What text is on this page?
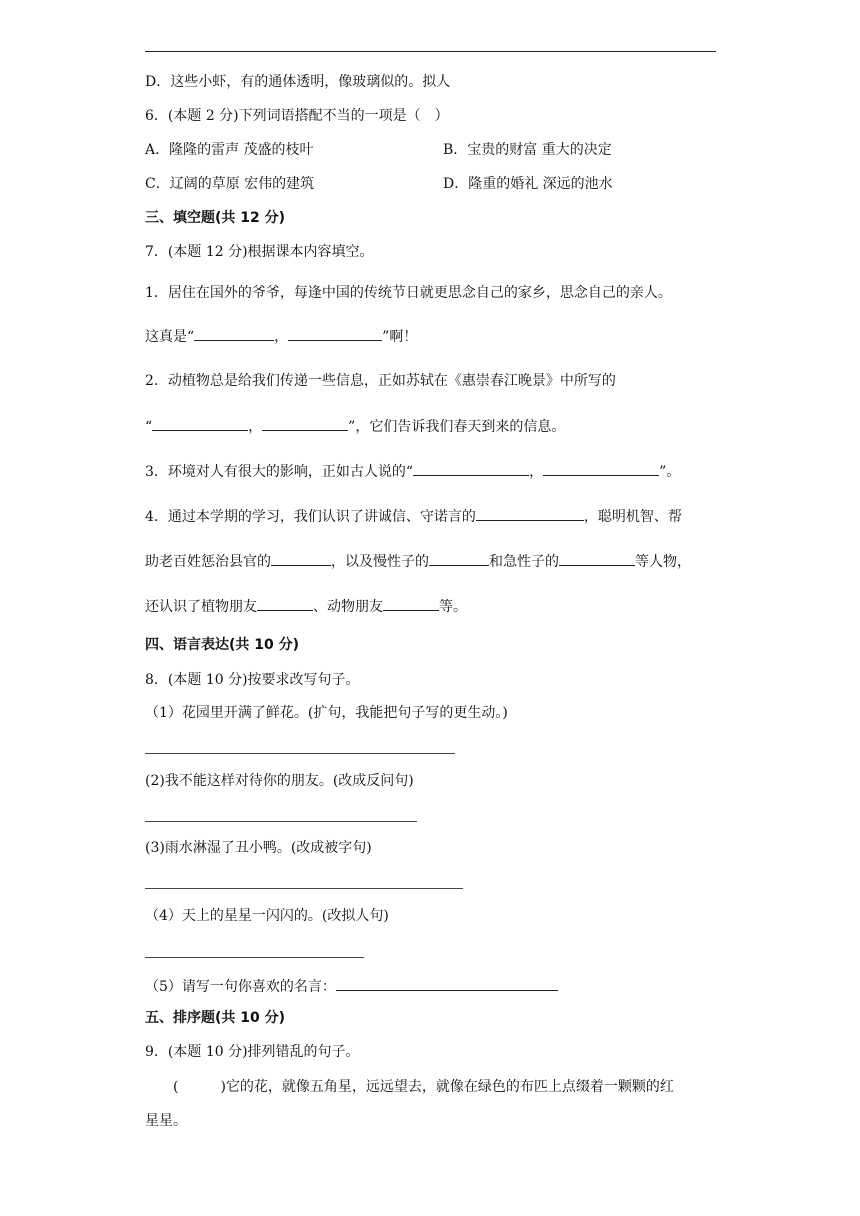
D．这些小虾，有的通体透明，像玻璃似的。拟人
6．(本题 2 分)下列词语搭配不当的一项是（　）
A．隆隆的雷声 茂盛的枝叶	B．宝贵的财富 重大的决定
C．辽阔的草原 宏伟的建筑	D．隆重的婚礼 深远的池水
三、填空题(共 12 分)
7．(本题 12 分)根据课本内容填空。
1．居住在国外的爷爷，每逢中国的传统节日就更思念自己的家乡，思念自己的亲人。
这真是“	，	”啊！
2．动植物总是给我们传递一些信息，正如苏轼在《惠崇春江晚景》中所写的
“	，	”，它们告诉我们春天到来的信息。
3．环境对人有很大的影响，正如古人说的“	，	”。
4．通过本学期的学习，我们认识了讲诚信、守诺言的	，聪明机智、帮
助老百姓惩治县官的	，以及慢性子的	和急性子的	等人物，
还认识了植物朋友	、动物朋友	等。
四、语言表达(共 10 分)
8．(本题 10 分)按要求改写句子。
（1）花园里开满了鲜花。(扩句，我能把句子写的更生动。)
(2)我不能这样对待你的朋友。(改成反问句)
(3)雨水淋湿了丑小鸭。(改成被字句)
（4）天上的星星一闪闪的。(改拟人句)
（5）请写一句你喜欢的名言：
五、排序题(共 10 分)
9．(本题 10 分)排列错乱的句子。
(　　　)它的花，就像五角星，远远望去，就像在绿色的布匹上点缀着一颗颗的红
星星。
